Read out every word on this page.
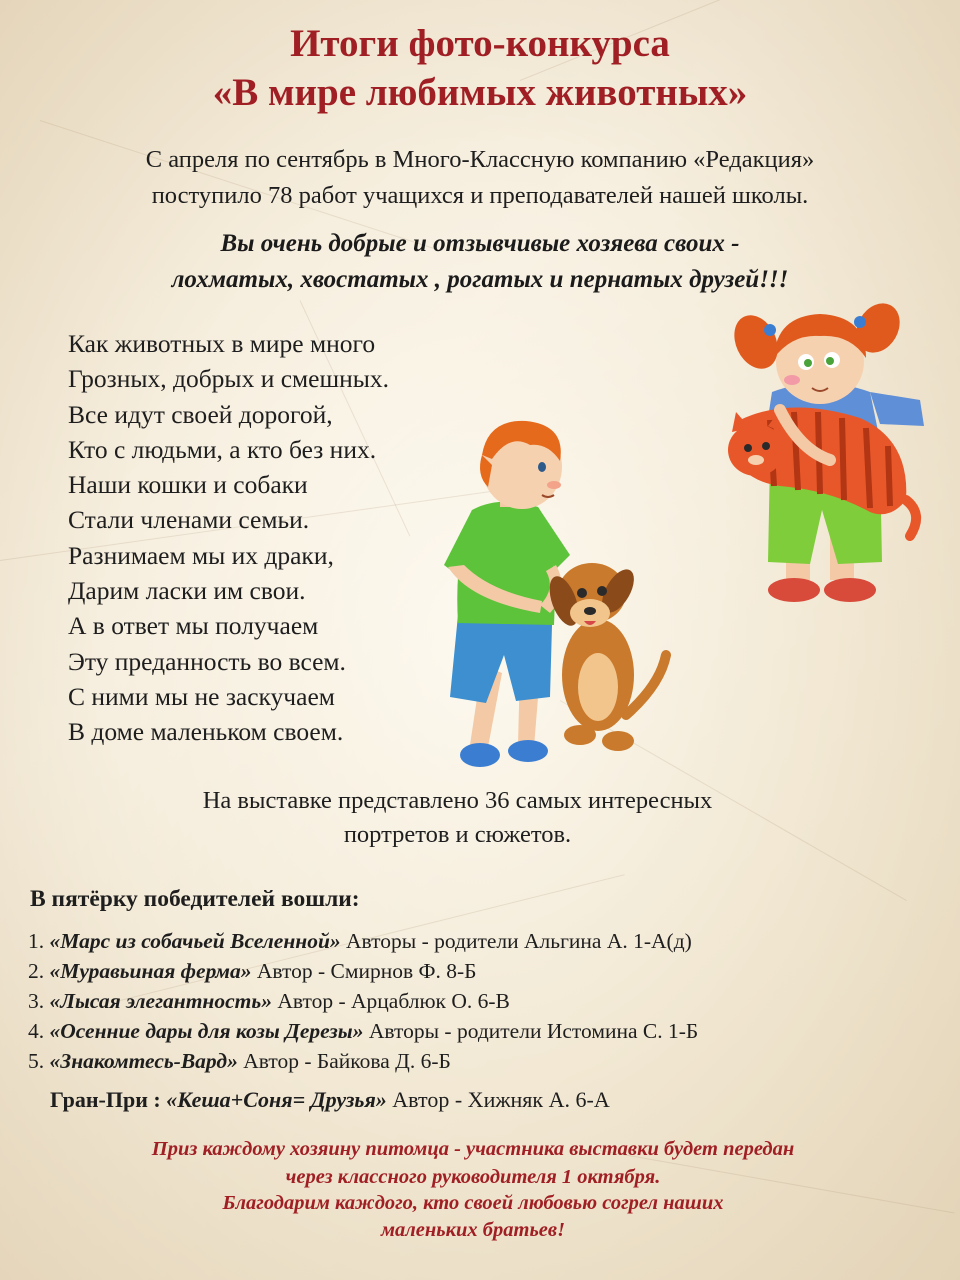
Итоги фото-конкурса
«В мире любимых животных»
С апреля по сентябрь в Много-Классную компанию «Редакция»
поступило 78 работ учащихся и преподавателей нашей школы.
Вы очень добрые и отзывчивые хозяева своих -
лохматых, хвостатых , рогатых и пернатых друзей!!!
Как животных в мире много
Грозных, добрых и смешных.
Все идут своей дорогой,
Кто с людьми, а кто без них.
Наши кошки и собаки
Стали членами семьи.
Разнимаем мы их драки,
Дарим ласки им свои.
А в ответ мы получаем
Эту преданность во всем.
С ними мы не заскучаем
В доме маленьком своем.
На выставке представлено 36 самых интересных
портретов и сюжетов.
В пятёрку победителей вошли:
1. «Марс из собачьей Вселенной» Авторы - родители Альгина А. 1-А(д)
2. «Муравьиная ферма» Автор - Смирнов Ф. 8-Б
3. «Лысая элегантность» Автор - Арцаблюк О. 6-В
4. «Осенние дары для козы Дерезы» Авторы - родители Истомина С. 1-Б
5. «Знакомтесь-Вард» Автор - Байкова Д. 6-Б
Гран-При : «Кеша+Соня= Друзья» Автор - Хижняк А. 6-А
Приз каждому хозяину питомца - участника выставки будет передан
через классного руководителя 1 октября.
Благодарим каждого, кто своей любовью согрел наших
маленьких братьев!
